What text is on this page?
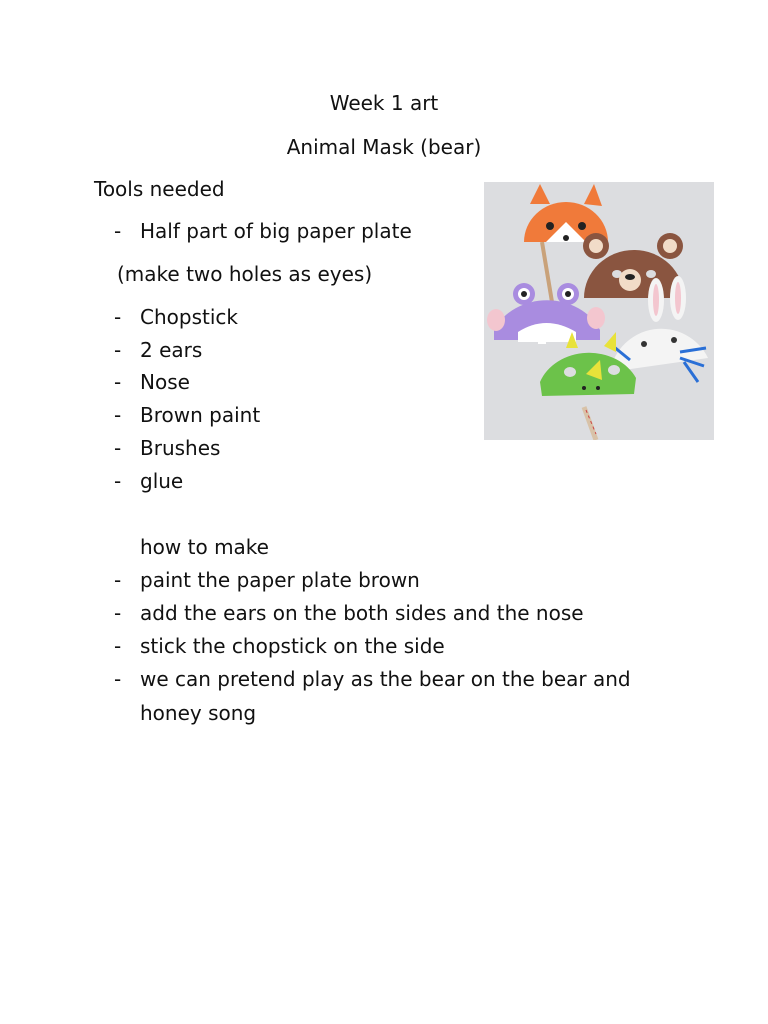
Week 1 art
Animal Mask (bear)
Tools needed
- Half part of big paper plate
(make two holes as eyes)
- Chopstick
- 2 ears
- Nose
- Brown paint
- Brushes
- glue
how to make
- paint the paper plate brown
- add the ears on the both sides and the nose
- stick the chopstick on the side
- we can pretend play as the bear on the bear and
honey song
